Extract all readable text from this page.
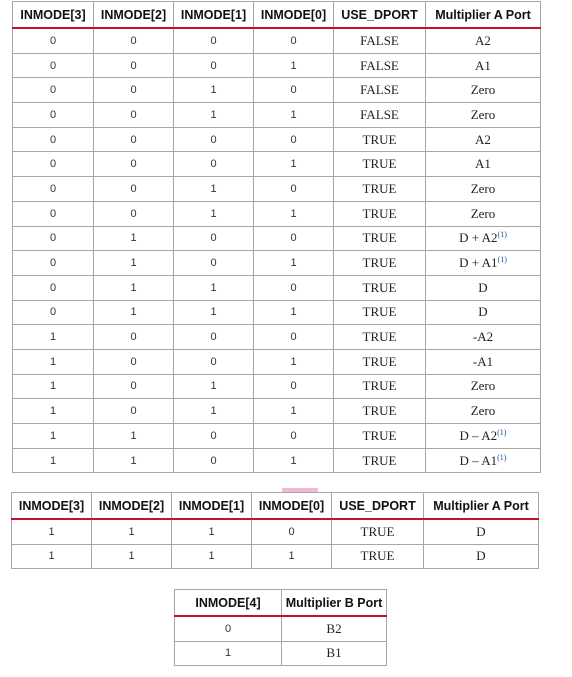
INMODE[3]	INMODE[2]	INMODE[1]	INMODE[0]	USE_DPORT	Multiplier A Port
0	0	0	0	FALSE	A2
0	0	0	1	FALSE	A1
0	0	1	0	FALSE	Zero
0	0	1	1	FALSE	Zero
0	0	0	0	TRUE	A2
0	0	0	1	TRUE	A1
0	0	1	0	TRUE	Zero
0	0	1	1	TRUE	Zero
0	1	0	0	TRUE	$D + A2^{(1)}$
0	1	0	1	TRUE	$D + A1^{(1)}$
0	1	1	0	TRUE	D
0	1	1	1	TRUE	D
1	0	0	0	TRUE	-A2
1	0	0	1	TRUE	-A1
1	0	1	0	TRUE	Zero
1	0	1	1	TRUE	Zero
1	1	0	0	TRUE	D – A2$^{(1)}$
1	1	0	1	TRUE	D – A1$^{(1)}$
INMODE[3]	INMODE[2]	INMODE[1]	INMODE[0]	USE_DPORT	Multiplier A Port
1	1	1	0	TRUE	D
1	1	1	1	TRUE	D
INMODE[4]	Multiplier B Port
0	B2
1	B1
